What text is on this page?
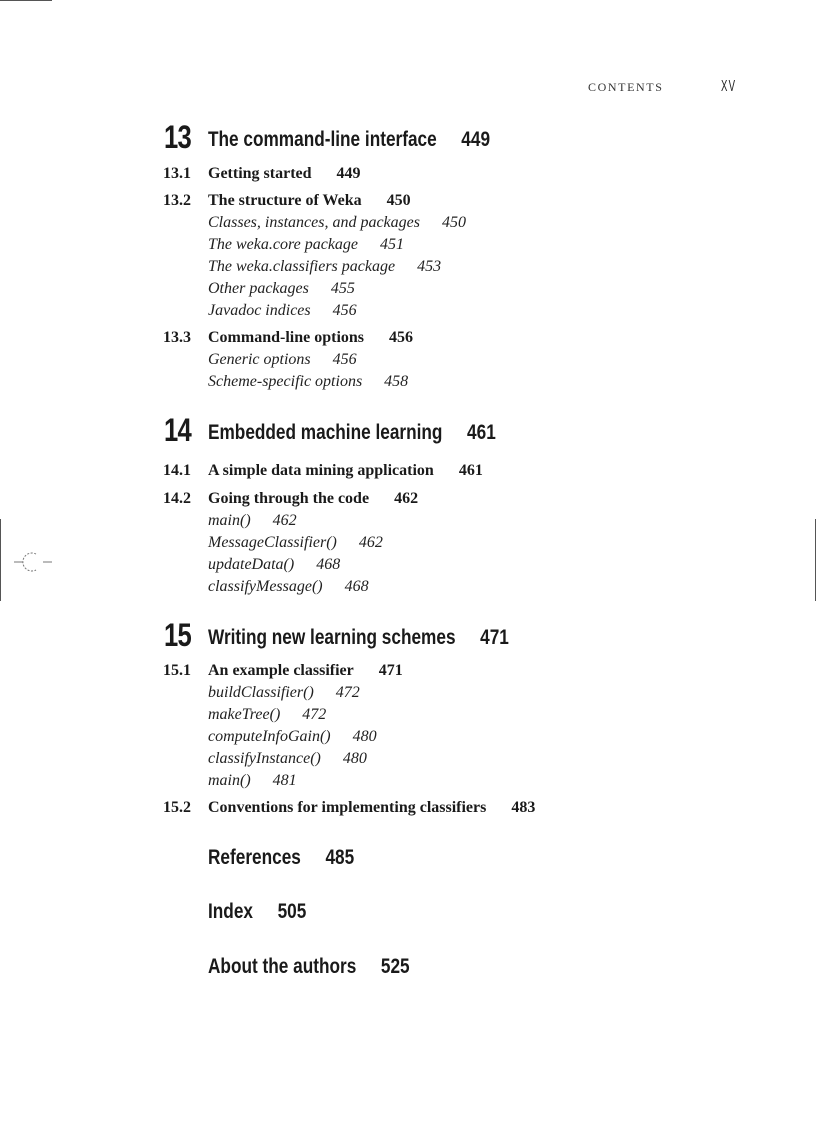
CONTENTS	XV
13 The command-line interface 449
13.1 Getting started 449
13.2 The structure of Weka 450
Classes, instances, and packages 450
The weka.core package 451
The weka.classifiers package 453
Other packages 455
Javadoc indices 456
13.3 Command-line options 456
Generic options 456
Scheme-specific options 458
14 Embedded machine learning 461
14.1 A simple data mining application 461
14.2 Going through the code 462
main() 462
MessageClassifier() 462
updateData() 468
classifyMessage() 468
15 Writing new learning schemes 471
15.1 An example classifier 471
buildClassifier() 472
makeTree() 472
computeInfoGain() 480
classifyInstance() 480
main() 481
15.2 Conventions for implementing classifiers 483
References 485
Index 505
About the authors 525
